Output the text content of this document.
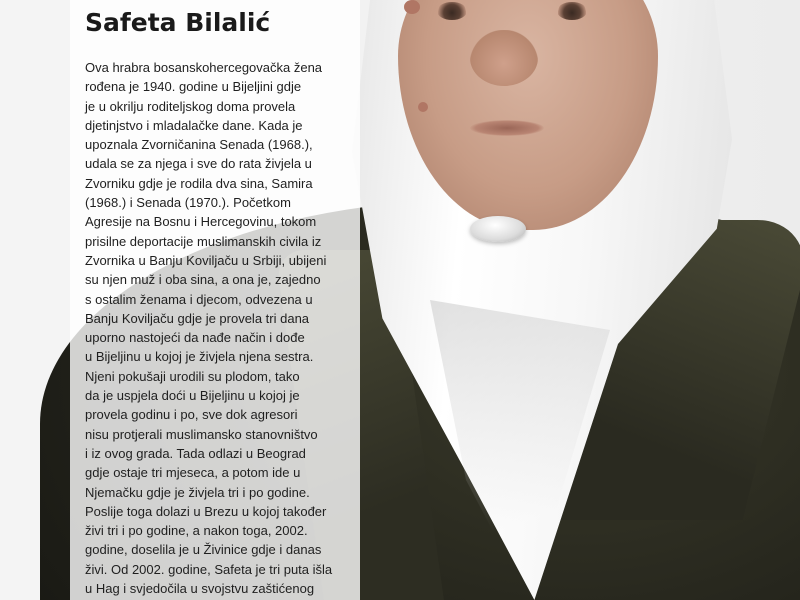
Safeta Bilalić
Ova hrabra bosanskohercegovačka žena
rođena je 1940. godine u Bijeljini gdje
je u okrilju roditeljskog doma provela
djetinjstvo i mladalačke dane. Kada je
upoznala Zvorničanina Senada (1968.),
udala se za njega i sve do rata živjela u
Zvorniku gdje je rodila dva sina, Samira
(1968.) i Senada (1970.). Početkom
Agresije na Bosnu i Hercegovinu, tokom
prisilne deportacije muslimanskih civila iz
Zvornika u Banju Koviljaču u Srbiji, ubijeni
su njen muž i oba sina, a ona je, zajedno
s ostalim ženama i djecom, odvezena u
Banju Koviljaču gdje je provela tri dana
uporno nastojeći da nađe način i dođe
u Bijeljinu u kojoj je živjela njena sestra.
Njeni pokušaji urodili su plodom, tako
da je uspjela doći u Bijeljinu u kojoj je
provela godinu i po, sve dok agresori
nisu protjerali muslimansko stanovništvo
i iz ovog grada. Tada odlazi u Beograd
gdje ostaje tri mjeseca, a potom ide u
Njemačku gdje je živjela tri i po godine.
Poslije toga dolazi u Brezu u kojoj također
živi tri i po godine, a nakon toga, 2002.
godine, doselila je u Živinice gdje i danas
živi. Od 2002. godine, Safeta je tri puta išla
u Hag i svjedočila u svojstvu zaštićenog
